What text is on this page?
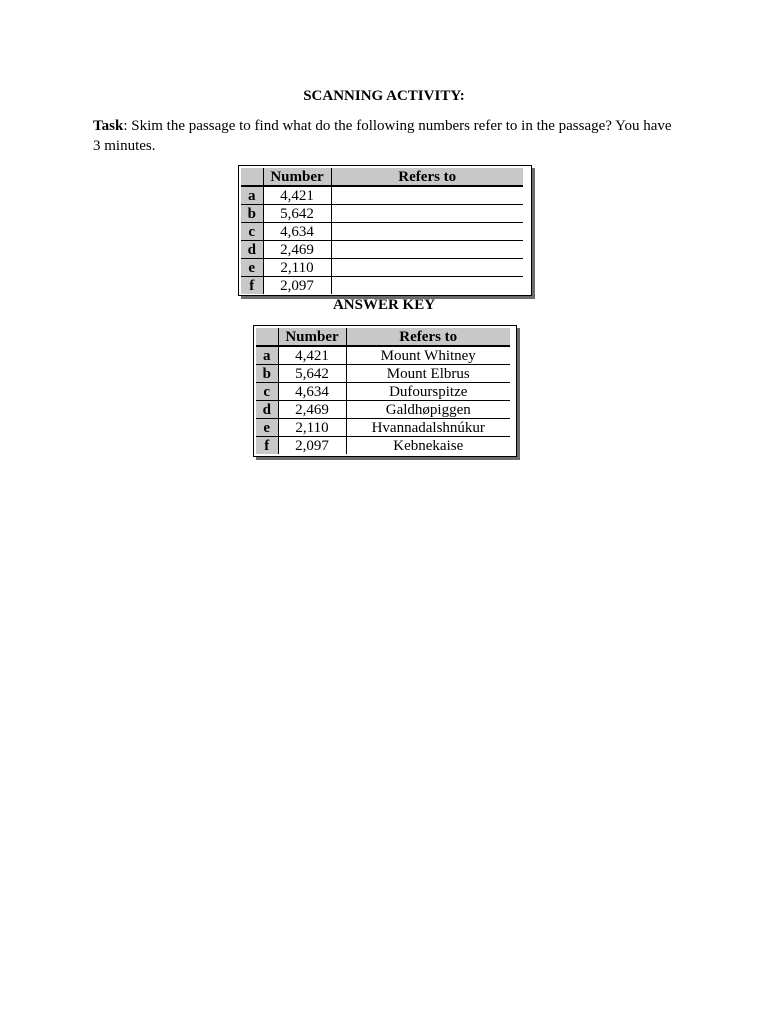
SCANNING ACTIVITY:
Task: Skim the passage to find what do the following numbers refer to in the passage? You have 3 minutes.
	Number	Refers to
a	4,421	
b	5,642	
c	4,634	
d	2,469	
e	2,110	
f	2,097	
ANSWER KEY
	Number	Refers to
a	4,421	Mount Whitney
b	5,642	Mount Elbrus
c	4,634	Dufourspitze
d	2,469	Galdhøpiggen
e	2,110	Hvannadalshnúkur
f	2,097	Kebnekaise
